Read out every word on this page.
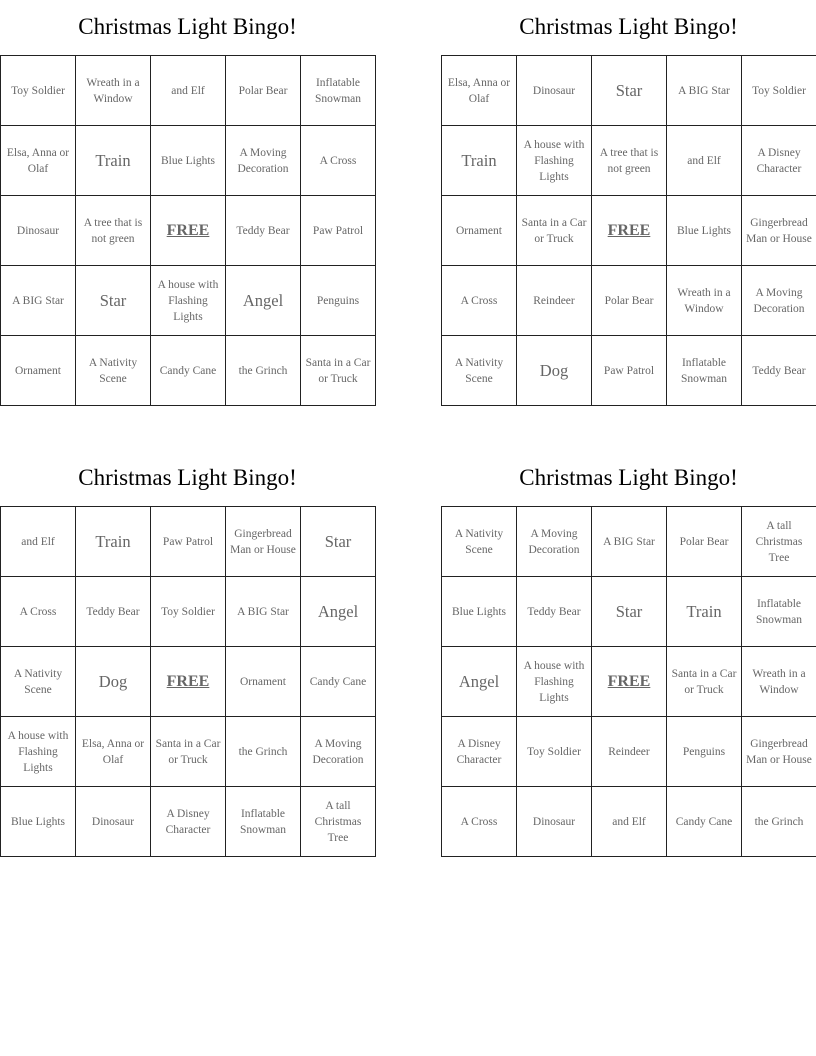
Christmas Light Bingo!
Toy Soldier	Wreath in a Window	and Elf	Polar Bear	Inflatable Snowman
Elsa, Anna or Olaf	Train	Blue Lights	A Moving Decoration	A Cross
Dinosaur	A tree that is not green	FREE	Teddy Bear	Paw Patrol
A BIG Star	Star	A house with Flashing Lights	Angel	Penguins
Ornament	A Nativity Scene	Candy Cane	the Grinch	Santa in a Car or Truck
Christmas Light Bingo!
Elsa, Anna or Olaf	Dinosaur	Star	A BIG Star	Toy Soldier
Train	A house with Flashing Lights	A tree that is not green	and Elf	A Disney Character
Ornament	Santa in a Car or Truck	FREE	Blue Lights	Gingerbread Man or House
A Cross	Reindeer	Polar Bear	Wreath in a Window	A Moving Decoration
A Nativity Scene	Dog	Paw Patrol	Inflatable Snowman	Teddy Bear
Christmas Light Bingo!
and Elf	Train	Paw Patrol	Gingerbread Man or House	Star
A Cross	Teddy Bear	Toy Soldier	A BIG Star	Angel
A Nativity Scene	Dog	FREE	Ornament	Candy Cane
A house with Flashing Lights	Elsa, Anna or Olaf	Santa in a Car or Truck	the Grinch	A Moving Decoration
Blue Lights	Dinosaur	A Disney Character	Inflatable Snowman	A tall Christmas Tree
Christmas Light Bingo!
A Nativity Scene	A Moving Decoration	A BIG Star	Polar Bear	A tall Christmas Tree
Blue Lights	Teddy Bear	Star	Train	Inflatable Snowman
Angel	A house with Flashing Lights	FREE	Santa in a Car or Truck	Wreath in a Window
A Disney Character	Toy Soldier	Reindeer	Penguins	Gingerbread Man or House
A Cross	Dinosaur	and Elf	Candy Cane	the Grinch
